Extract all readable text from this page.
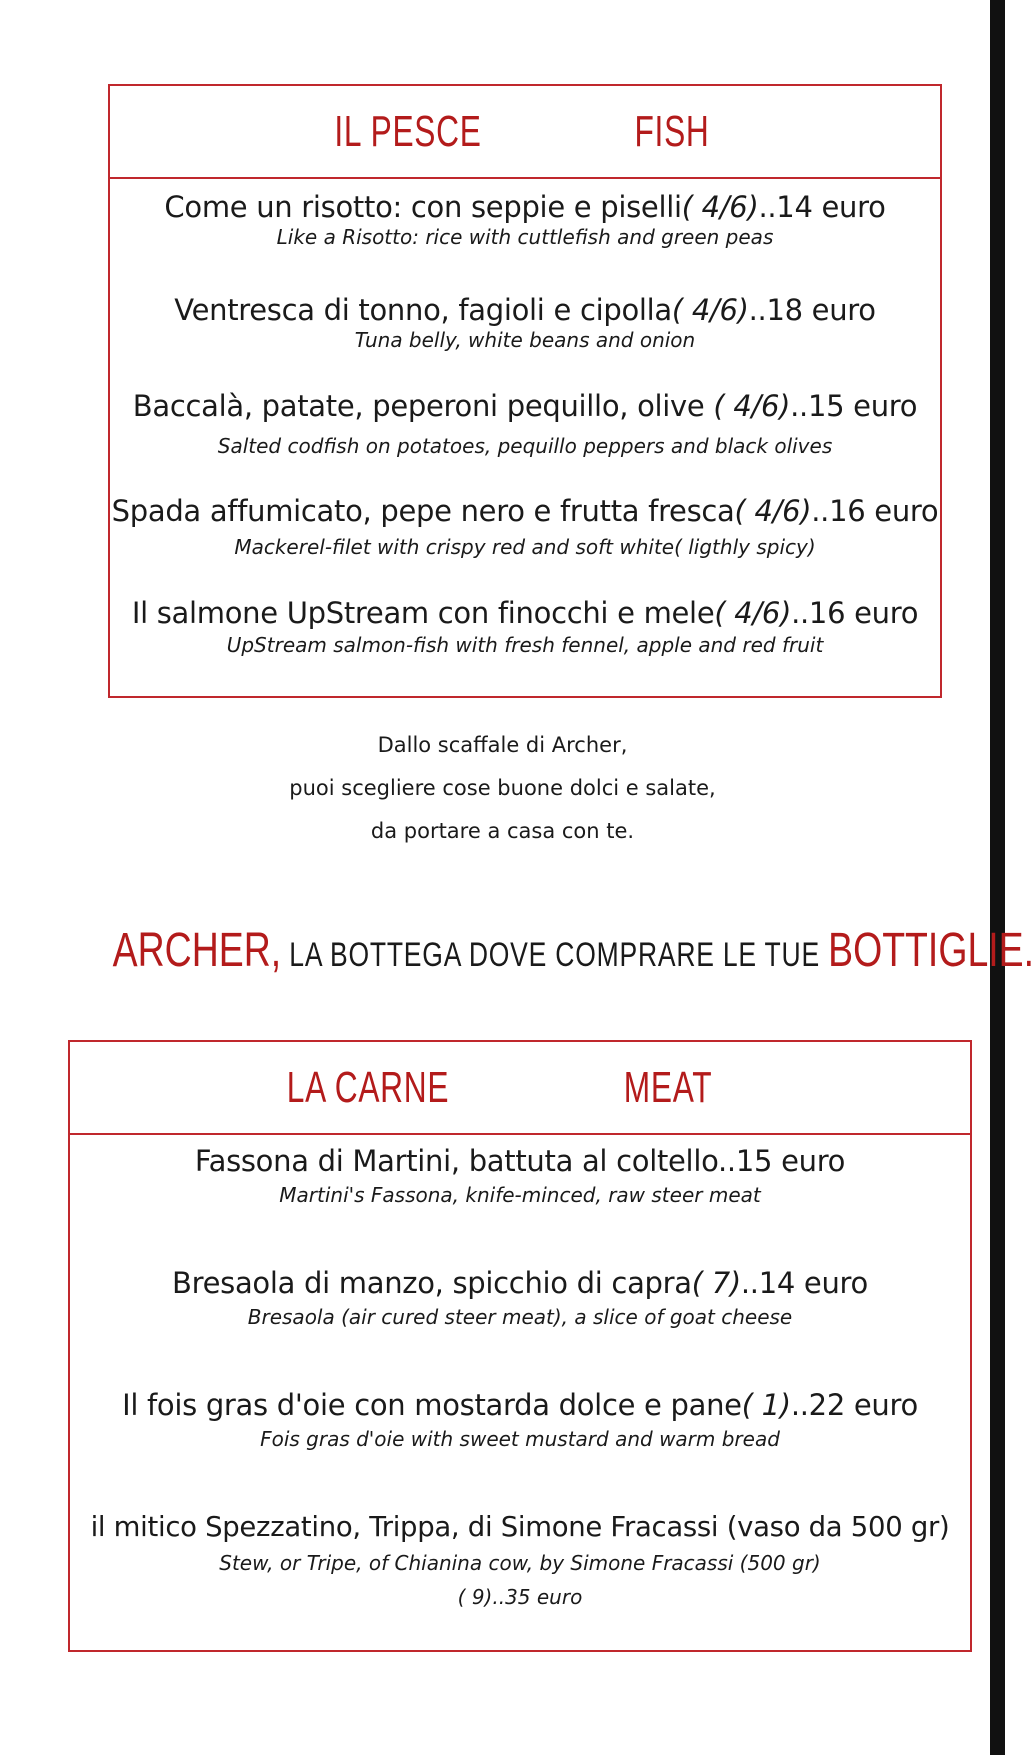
IL PESCE	FISH
Come un risotto: con seppie e piselli( 4/6)..14 euro
Like a Risotto: rice with cuttlefish and green peas
Ventresca di tonno, fagioli e cipolla( 4/6)..18 euro
Tuna belly, white beans and onion
Baccalà, patate, peperoni pequillo, olive ( 4/6)..15 euro
Salted codfish on potatoes, pequillo peppers and black olives
Spada affumicato, pepe nero e frutta fresca( 4/6)..16 euro
Mackerel-filet with crispy red and soft white( ligthly spicy)
Il salmone UpStream con finocchi e mele( 4/6)..16 euro
UpStream salmon-fish with fresh fennel, apple and red fruit
Dallo scaffale di Archer,
puoi scegliere cose buone dolci e salate,
da portare a casa con te.
ARCHER, LA BOTTEGA DOVE COMPRARE LE TUE BOTTIGLIE.
LA CARNE	MEAT
Fassona di Martini, battuta al coltello..15 euro
Martini's Fassona, knife-minced, raw steer meat
Bresaola di manzo, spicchio di capra( 7)..14 euro
Bresaola (air cured steer meat), a slice of goat cheese
Il fois gras d'oie con mostarda dolce e pane( 1)..22 euro
Fois gras d'oie with sweet mustard and warm bread
il mitico Spezzatino, Trippa, di Simone Fracassi (vaso da 500 gr)
Stew, or Tripe, of Chianina cow, by Simone Fracassi (500 gr)
( 9)..35 euro
